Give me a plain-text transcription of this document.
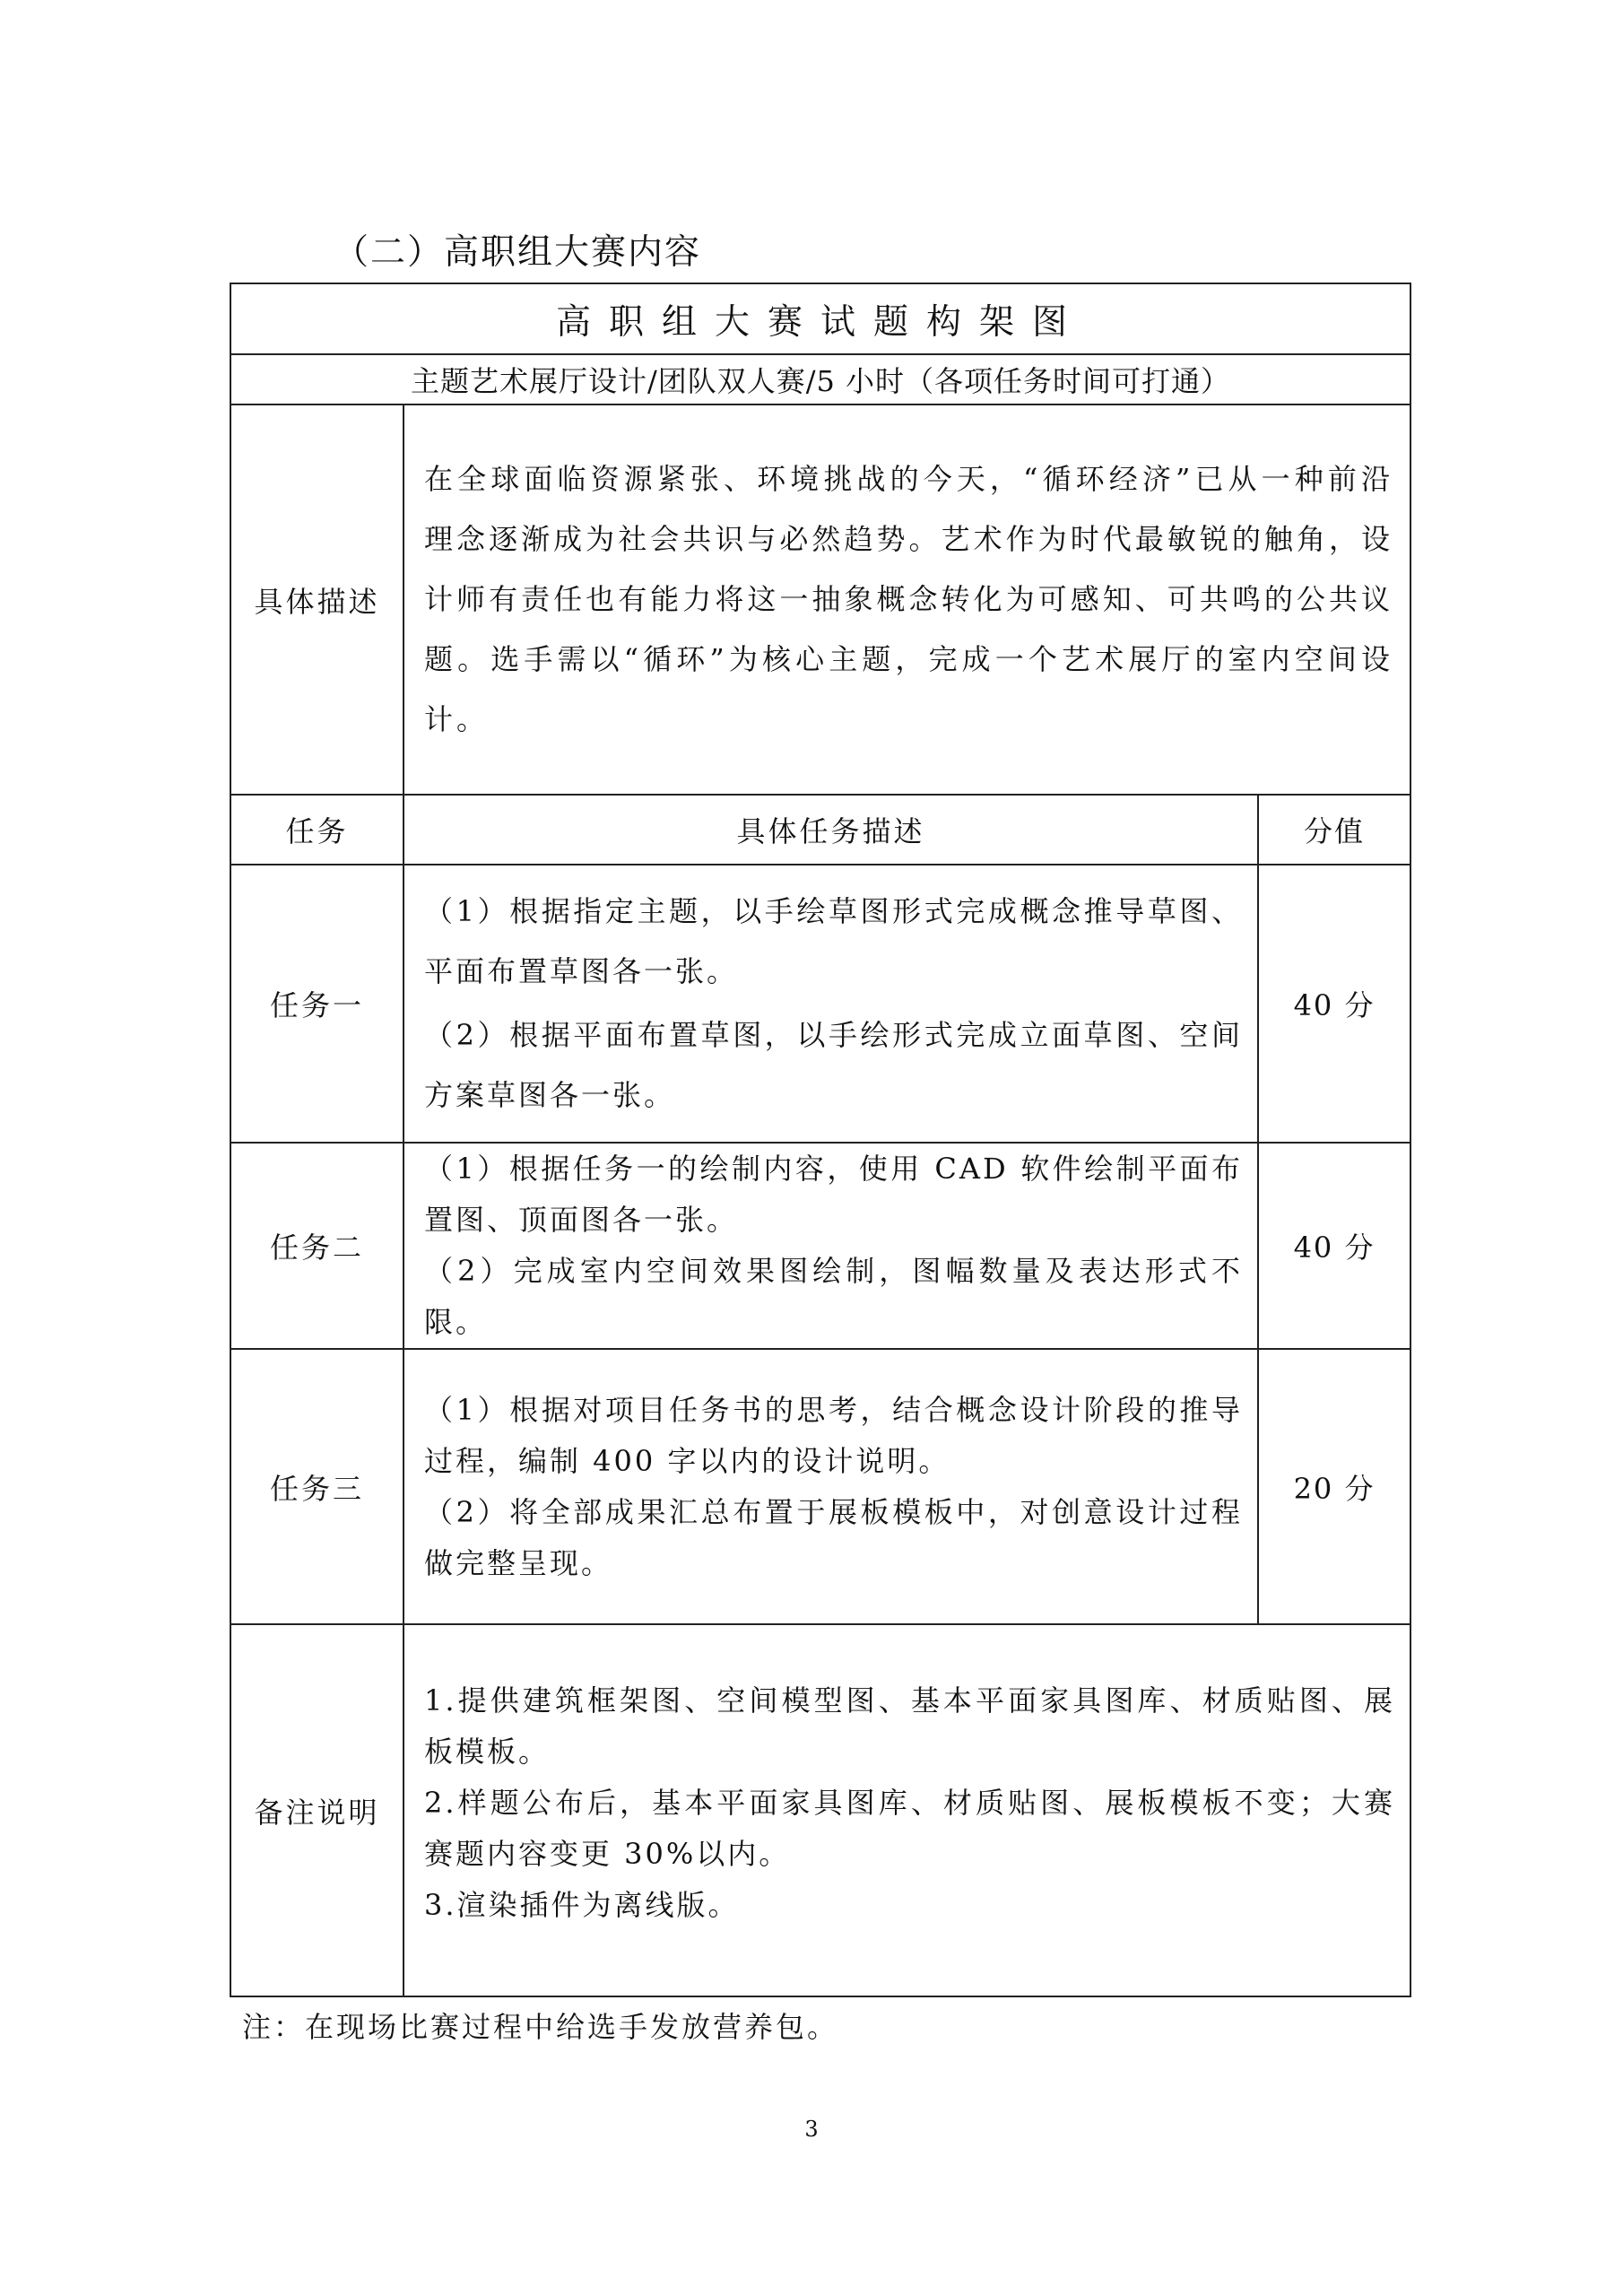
（二）高职组大赛内容
高职组大赛试题构架图		
主题艺术展厅设计/团队双人赛/5 小时（各项任务时间可打通）		
具体描述	在全球面临资源紧张、环境挑战的今天，“循环经济”已从一种前沿理念逐渐成为社会共识与必然趋势。艺术作为时代最敏锐的触角，设计师有责任也有能力将这一抽象概念转化为可感知、可共鸣的公共议题。选手需以“循环”为核心主题，完成一个艺术展厅的室内空间设计。	

任务	具体任务描述	分值
任务一	（1）根据指定主题，以手绘草图形式完成概念推导草图、平面布置草图各一张。

（2）根据平面布置草图，以手绘形式完成立面草图、空间方案草图各一张。	40 分
任务二	（1）根据任务一的绘制内容，使用 CAD 软件绘制平面布置图、顶面图各一张。

（2）完成室内空间效果图绘制，图幅数量及表达形式不限。	40 分
任务三	（1）根据对项目任务书的思考，结合概念设计阶段的推导过程，编制 400 字以内的设计说明。

（2）将全部成果汇总布置于展板模板中，对创意设计过程做完整呈现。	20 分
备注说明	1.提供建筑框架图、空间模型图、基本平面家具图库、材质贴图、展板模板。

2.样题公布后，基本平面家具图库、材质贴图、展板模板不变；大赛赛题内容变更 30%以内。

3.渲染插件为离线版。	

注：在现场比赛过程中给选手发放营养包。
3
